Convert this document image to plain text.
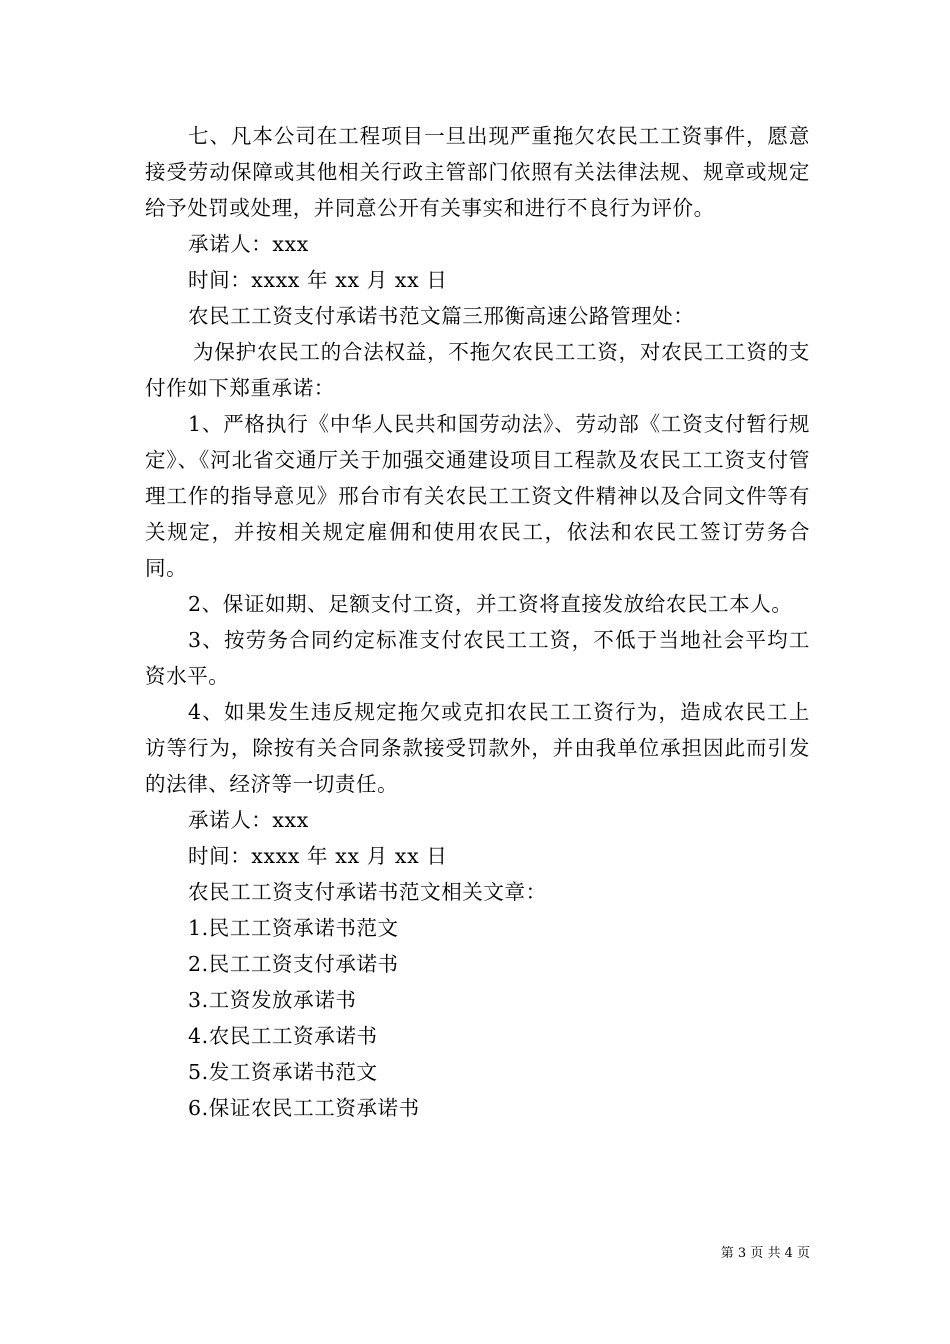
七、凡本公司在工程项目一旦出现严重拖欠农民工工资事件，愿意接受劳动保障或其他相关行政主管部门依照有关法律法规、规章或规定给予处罚或处理，并同意公开有关事实和进行不良行为评价。

承诺人：xxx

时间：xxxx 年 xx 月 xx 日

农民工工资支付承诺书范文篇三邢衡高速公路管理处：

为保护农民工的合法权益，不拖欠农民工工资，对农民工工资的支付作如下郑重承诺：

1、严格执行《中华人民共和国劳动法》、劳动部《工资支付暂行规定》、《河北省交通厅关于加强交通建设项目工程款及农民工工资支付管理工作的指导意见》邢台市有关农民工工资文件精神以及合同文件等有关规定，并按相关规定雇佣和使用农民工，依法和农民工签订劳务合同。

2、保证如期、足额支付工资，并工资将直接发放给农民工本人。

3、按劳务合同约定标准支付农民工工资，不低于当地社会平均工资水平。

4、如果发生违反规定拖欠或克扣农民工工资行为，造成农民工上访等行为，除按有关合同条款接受罚款外，并由我单位承担因此而引发的法律、经济等一切责任。

承诺人：xxx

时间：xxxx 年 xx 月 xx 日

农民工工资支付承诺书范文相关文章：

1.民工工资承诺书范文

2.民工工资支付承诺书

3.工资发放承诺书

4.农民工工资承诺书

5.发工资承诺书范文

6.保证农民工工资承诺书

第 3 页 共 4 页
